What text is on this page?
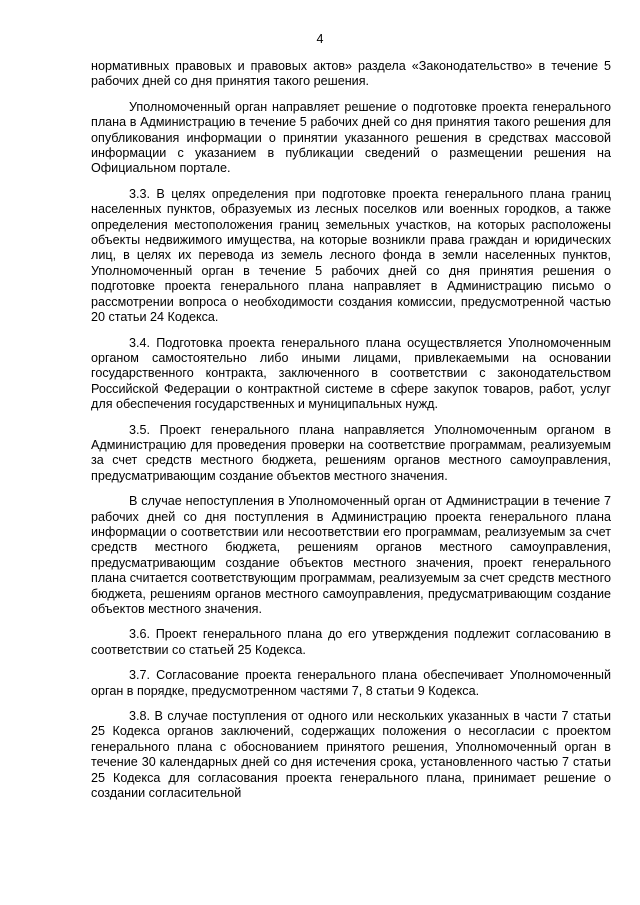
4

нормативных правовых и правовых актов» раздела «Законодательство» в течение 5 рабочих дней со дня принятия такого решения.

Уполномоченный орган направляет решение о подготовке проекта генерального плана в Администрацию в течение 5 рабочих дней со дня принятия такого решения для опубликования информации о принятии указанного решения в средствах массовой информации с указанием в публикации сведений о размещении решения на Официальном портале.

3.3. В целях определения при подготовке проекта генерального плана границ населенных пунктов, образуемых из лесных поселков или военных городков, а также определения местоположения границ земельных участков, на которых расположены объекты недвижимого имущества, на которые возникли права граждан и юридических лиц, в целях их перевода из земель лесного фонда в земли населенных пунктов, Уполномоченный орган в течение 5 рабочих дней со дня принятия решения о подготовке проекта генерального плана направляет в Администрацию письмо о рассмотрении вопроса о необходимости создания комиссии, предусмотренной частью 20 статьи 24 Кодекса.

3.4. Подготовка проекта генерального плана осуществляется Уполномоченным органом самостоятельно либо иными лицами, привлекаемыми на основании государственного контракта, заключенного в соответствии с законодательством Российской Федерации о контрактной системе в сфере закупок товаров, работ, услуг для обеспечения государственных и муниципальных нужд.

3.5. Проект генерального плана направляется Уполномоченным органом в Администрацию для проведения проверки на соответствие программам, реализуемым за счет средств местного бюджета, решениям органов местного самоуправления, предусматривающим создание объектов местного значения.

В случае непоступления в Уполномоченный орган от Администрации в течение 7 рабочих дней со дня поступления в Администрацию проекта генерального плана информации о соответствии или несоответствии его программам, реализуемым за счет средств местного бюджета, решениям органов местного самоуправления, предусматривающим создание объектов местного значения, проект генерального плана считается соответствующим программам, реализуемым за счет средств местного бюджета, решениям органов местного самоуправления, предусматривающим создание объектов местного значения.

3.6. Проект генерального плана до его утверждения подлежит согласованию в соответствии со статьей 25 Кодекса.

3.7. Согласование проекта генерального плана обеспечивает Уполномоченный орган в порядке, предусмотренном частями 7, 8 статьи 9 Кодекса.

3.8. В случае поступления от одного или нескольких указанных в части 7 статьи 25 Кодекса органов заключений, содержащих положения о несогласии с проектом генерального плана с обоснованием принятого решения, Уполномоченный орган в течение 30 календарных дней со дня истечения срока, установленного частью 7 статьи 25 Кодекса для согласования проекта генерального плана, принимает решение о создании согласительной
